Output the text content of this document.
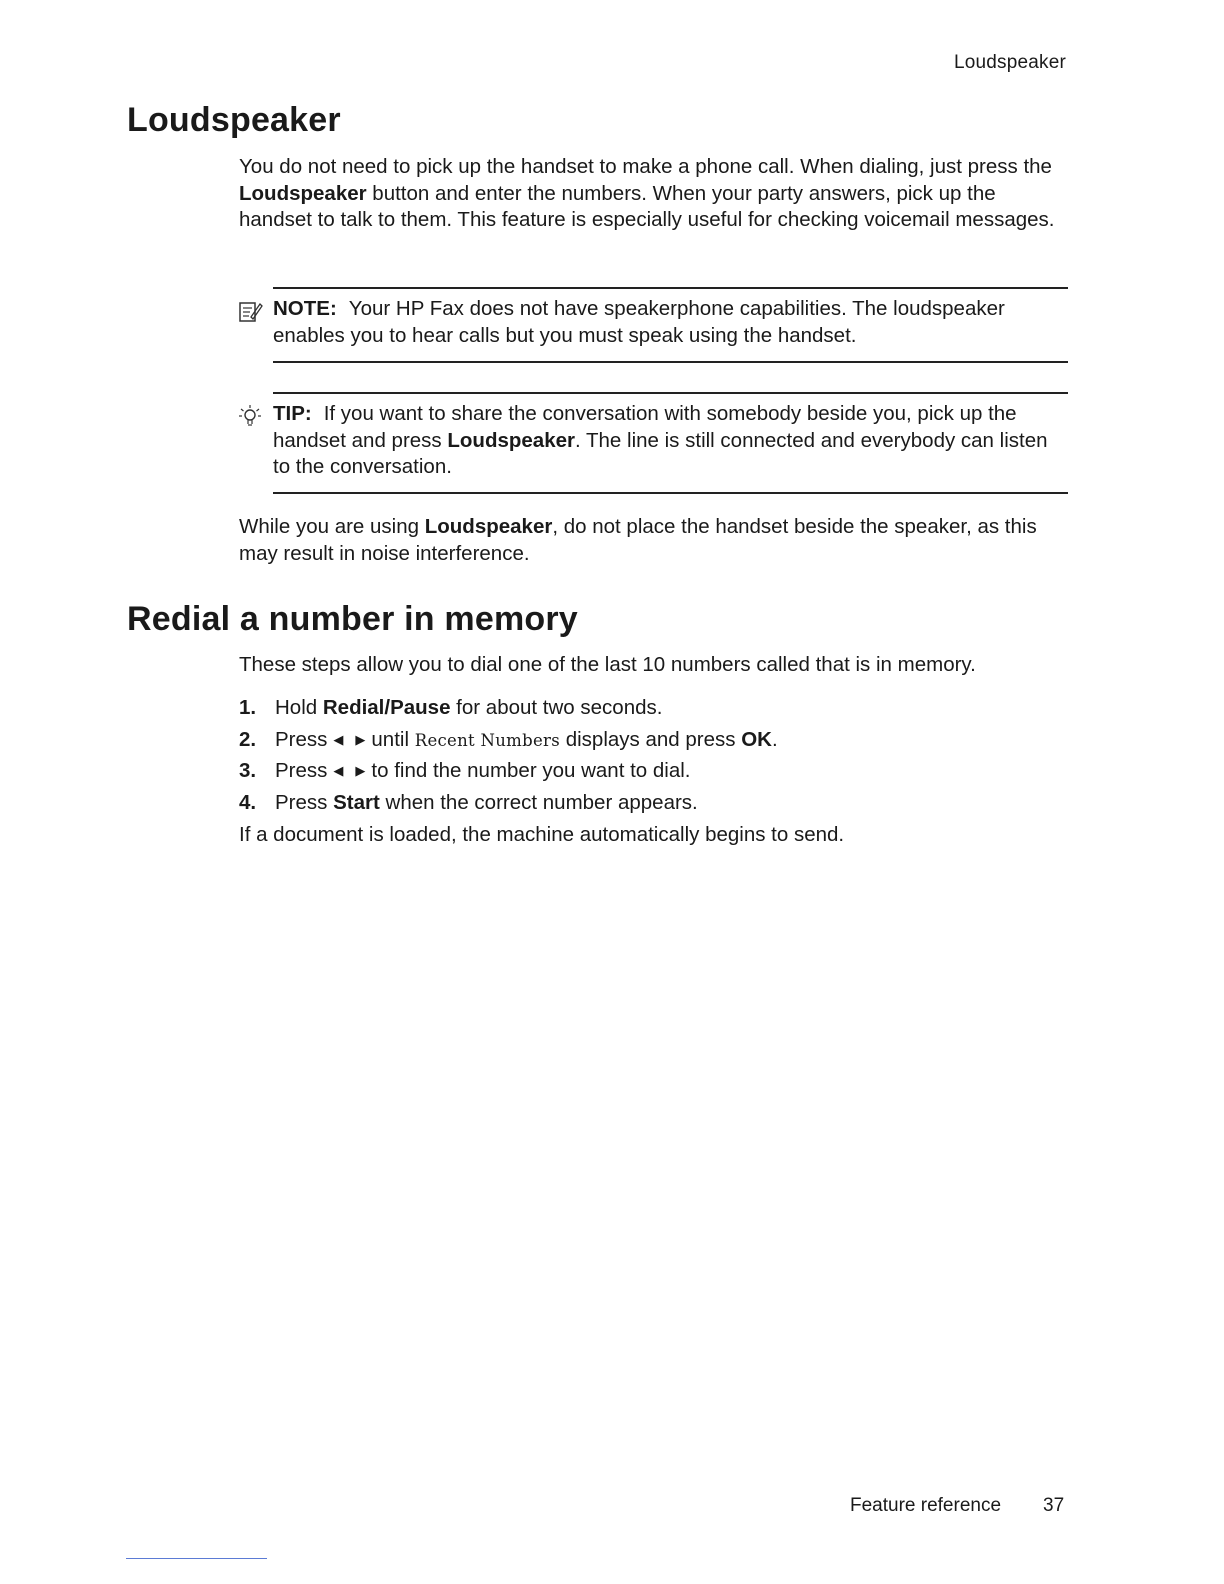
Loudspeaker
Loudspeaker

You do not need to pick up the handset to make a phone call. When dialing, just press the Loudspeaker button and enter the numbers. When your party answers, pick up the handset to talk to them. This feature is especially useful for checking voicemail messages.

NOTE: Your HP Fax does not have speakerphone capabilities. The loudspeaker enables you to hear calls but you must speak using the handset.
TIP: If you want to share the conversation with somebody beside you, pick up the handset and press Loudspeaker. The line is still connected and everybody can listen to the conversation.

While you are using Loudspeaker, do not place the handset beside the speaker, as this may result in noise interference.

Redial a number in memory

These steps allow you to dial one of the last 10 numbers called that is in memory.

1. Hold Redial/Pause for about two seconds.
2. Press ◀ ▶ until Recent Numbers displays and press OK.
3. Press ◀ ▶ to find the number you want to dial.
4. Press Start when the correct number appears.

If a document is loaded, the machine automatically begins to send.

Feature reference 37
